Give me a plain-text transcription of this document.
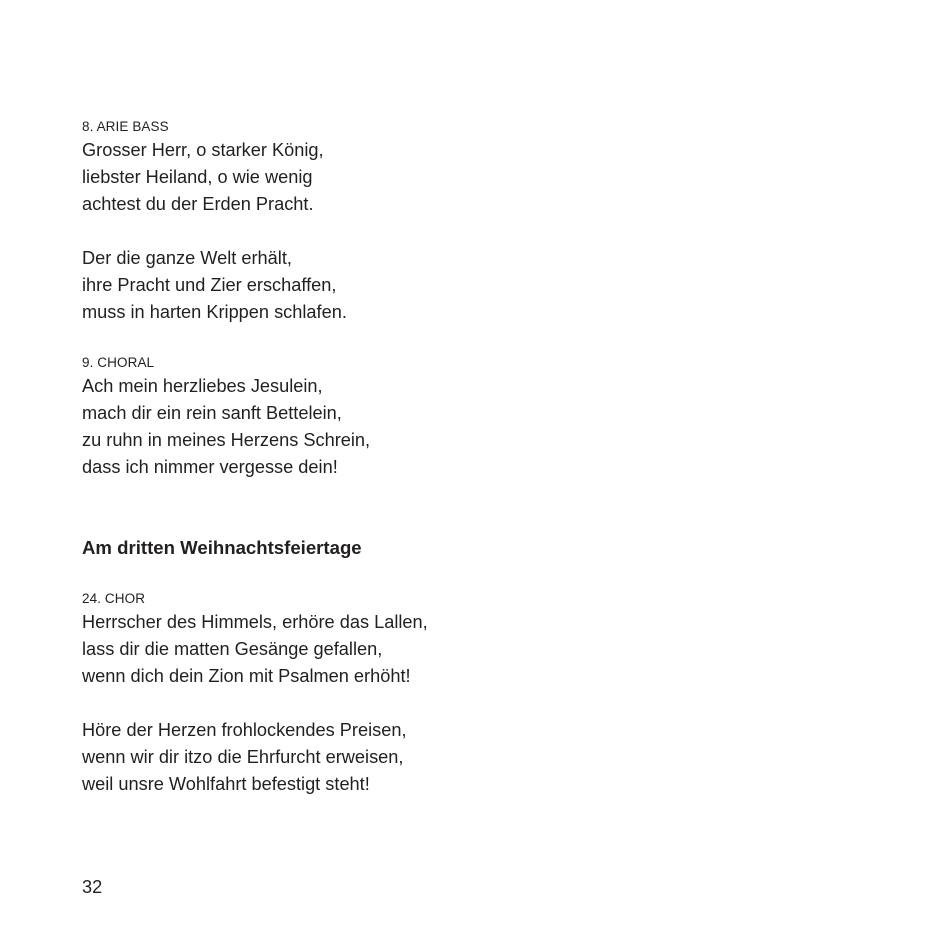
8. ARIE BASS
Grosser Herr, o starker König,
liebster Heiland, o wie wenig
achtest du der Erden Pracht.
Der die ganze Welt erhält,
ihre Pracht und Zier erschaffen,
muss in harten Krippen schlafen.
9. CHORAL
Ach mein herzliebes Jesulein,
mach dir ein rein sanft Bettelein,
zu ruhn in meines Herzens Schrein,
dass ich nimmer vergesse dein!
Am dritten Weihnachtsfeiertage
24. CHOR
Herrscher des Himmels, erhöre das Lallen,
lass dir die matten Gesänge gefallen,
wenn dich dein Zion mit Psalmen erhöht!
Höre der Herzen frohlockendes Preisen,
wenn wir dir itzo die Ehrfurcht erweisen,
weil unsre Wohlfahrt befestigt steht!
32
